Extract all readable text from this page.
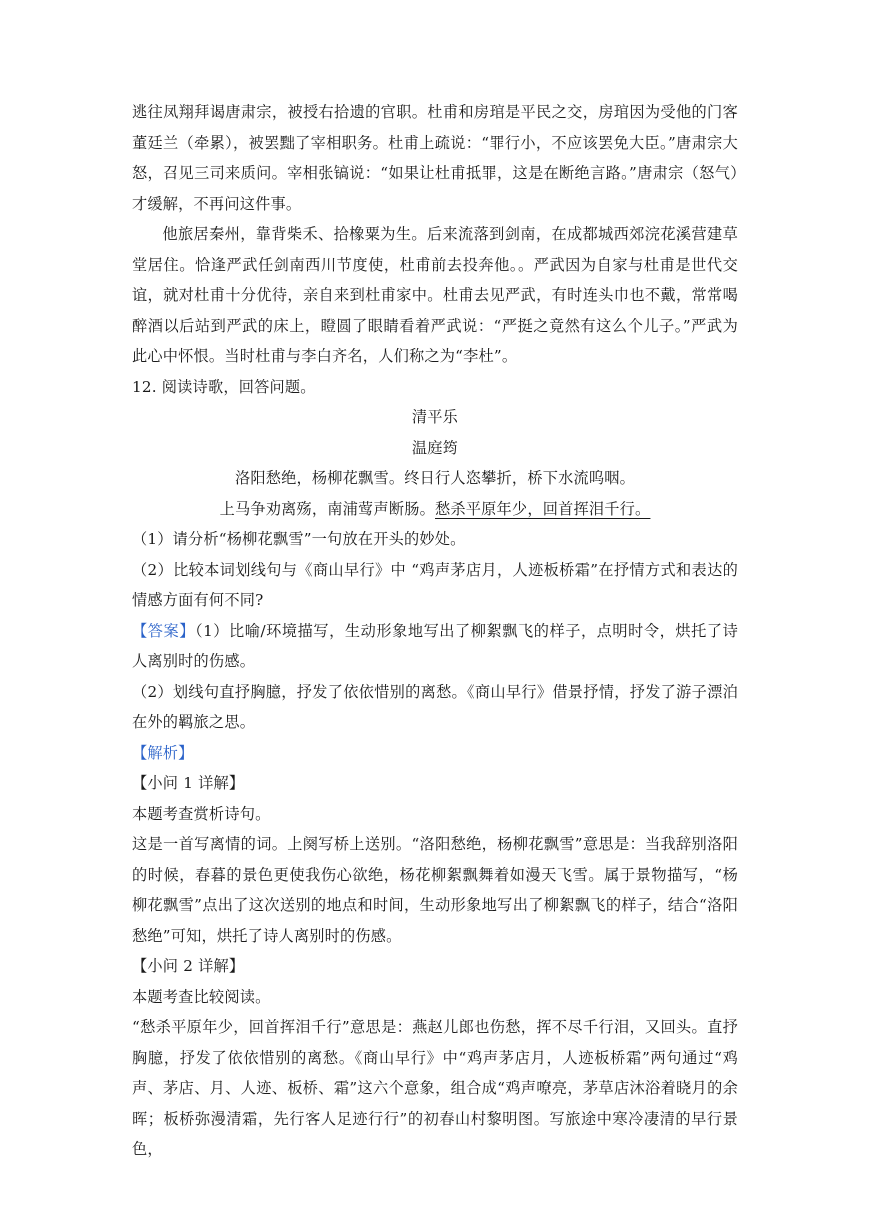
逃往凤翔拜谒唐肃宗，被授右拾遗的官职。杜甫和房琯是平民之交，房琯因为受他的门客董廷兰（牵累），被罢黜了宰相职务。杜甫上疏说：“罪行小，不应该罢免大臣。”唐肃宗大怒，召见三司来质问。宰相张镐说：“如果让杜甫抵罪，这是在断绝言路。”唐肃宗（怒气）才缓解，不再问这件事。

他旅居秦州，靠背柴禾、拾橡粟为生。后来流落到剑南，在成都城西郊浣花溪营建草堂居住。恰逢严武任剑南西川节度使，杜甫前去投奔他。。严武因为自家与杜甫是世代交谊，就对杜甫十分优待，亲自来到杜甫家中。杜甫去见严武，有时连头巾也不戴，常常喝醉酒以后站到严武的床上，瞪圆了眼睛看着严武说：“严挺之竟然有这么个儿子。”严武为此心中怀恨。当时杜甫与李白齐名，人们称之为“李杜”。

12. 阅读诗歌，回答问题。

清平乐

温庭筠

洛阳愁绝，杨柳花飘雪。终日行人恣攀折，桥下水流呜咽。

上马争劝离殇，南浦莺声断肠。愁杀平原年少，回首挥泪千行。

（1）请分析“杨柳花飘雪”一句放在开头的妙处。

（2）比较本词划线句与《商山早行》中 “鸡声茅店月，人迹板桥霜”在抒情方式和表达的情感方面有何不同?

【答案】（1）比喻/环境描写，生动形象地写出了柳絮飘飞的样子，点明时令，烘托了诗人离别时的伤感。

（2）划线句直抒胸臆，抒发了依依惜别的离愁。《商山早行》借景抒情，抒发了游子漂泊在外的羁旅之思。

【解析】

【小问 1 详解】

本题考查赏析诗句。

这是一首写离情的词。上阕写桥上送别。“洛阳愁绝，杨柳花飘雪”意思是：当我辞别洛阳的时候，春暮的景色更使我伤心欲绝，杨花柳絮飘舞着如漫天飞雪。属于景物描写，“杨柳花飘雪”点出了这次送别的地点和时间，生动形象地写出了柳絮飘飞的样子，结合“洛阳愁绝”可知，烘托了诗人离别时的伤感。

【小问 2 详解】

本题考查比较阅读。

“愁杀平原年少，回首挥泪千行”意思是：燕赵儿郎也伤愁，挥不尽千行泪，又回头。直抒胸臆，抒发了依依惜别的离愁。《商山早行》中“鸡声茅店月，人迹板桥霜”两句通过“鸡声、茅店、月、人迹、板桥、霜”这六个意象，组合成“鸡声嘹亮，茅草店沐浴着晓月的余晖；板桥弥漫清霜，先行客人足迹行行”的初春山村黎明图。写旅途中寒冷凄清的早行景色，
